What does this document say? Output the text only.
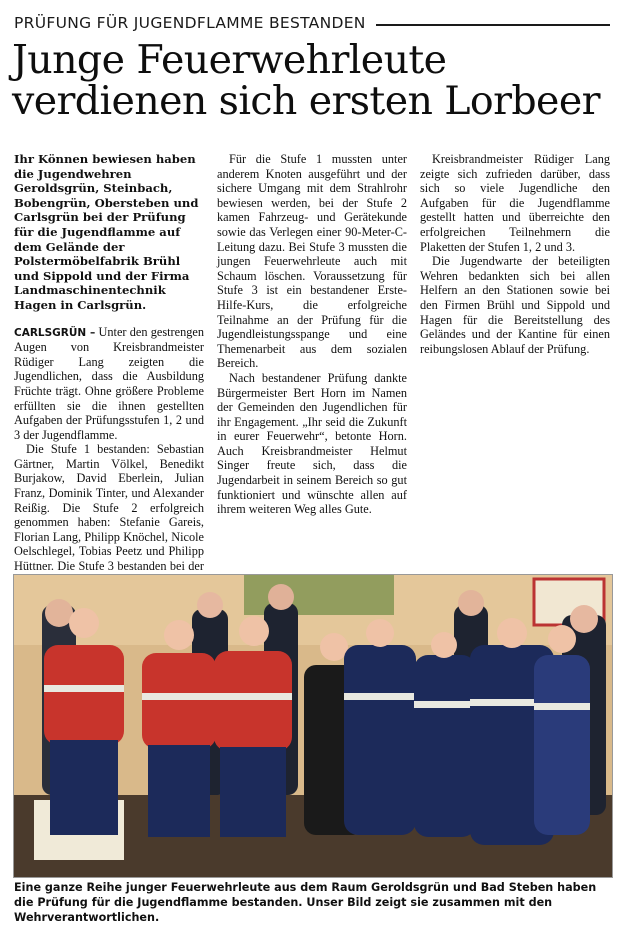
PRÜFUNG FÜR JUGENDFLAMME BESTANDEN
Junge Feuerwehrleute
verdienen sich ersten Lorbeer

Ihr Können bewiesen haben die Jugendwehren Geroldsgrün, Steinbach, Bobengrün, Obersteben und Carlsgrün bei der Prüfung für die Jugendflamme auf dem Gelände der Polstermöbelfabrik Brühl und Sippold und der Firma Landmaschinentechnik Hagen in Carlsgrün.

CARLSGRÜN – Unter den gestrengen Augen von Kreisbrandmeister Rüdiger Lang zeigten die Jugendlichen, dass die Ausbildung Früchte trägt. Ohne größere Probleme erfüllten sie die ihnen gestellten Aufgaben der Prüfungsstufen 1, 2 und 3 der Jugendflamme.

Die Stufe 1 bestanden: Sebastian Gärtner, Martin Völkel, Benedikt Burjakow, David Eberlein, Julian Franz, Dominik Tinter, und Alexander Reißig. Die Stufe 2 erfolgreich genommen haben: Stefanie Gareis, Florian Lang, Philipp Knöchel, Nicole Oelschlegel, Tobias Peetz und Philipp Hüttner. Die Stufe 3 bestanden bei der

Für die Stufe 1 mussten unter anderem Knoten ausgeführt und der sichere Umgang mit dem Strahlrohr bewiesen werden, bei der Stufe 2 kamen Fahrzeug- und Gerätekunde sowie das Verlegen einer 90-Meter-C-Leitung dazu. Bei Stufe 3 mussten die jungen Feuerwehrleute auch mit Schaum löschen. Voraussetzung für Stufe 3 ist ein bestandener Erste-Hilfe-Kurs, die erfolgreiche Teilnahme an der Prüfung für die Jugendleistungsspange und eine Themenarbeit aus dem sozialen Bereich.

Nach bestandener Prüfung dankte Bürgermeister Bert Horn im Namen der Gemeinden den Jugendlichen für ihr Engagement. „Ihr seid die Zukunft in eurer Feuerwehr“, betonte Horn. Auch Kreisbrandmeister Helmut Singer freute sich, dass die Jugendarbeit in seinem Bereich so gut funktioniert und wünschte allen auf ihrem weiteren Weg alles Gute.

Kreisbrandmeister Rüdiger Lang zeigte sich zufrieden darüber, dass sich so viele Jugendliche den Aufgaben für die Jugendflamme gestellt hatten und überreichte den erfolgreichen Teilnehmern die Plaketten der Stufen 1, 2 und 3.

Die Jugendwarte der beteiligten Wehren bedankten sich bei allen Helfern an den Stationen sowie bei den Firmen Brühl und Sippold und Hagen für die Bereitstellung des Geländes und der Kantine für einen reibungslosen Ablauf der Prüfung.

Eine ganze Reihe junger Feuerwehrleute aus dem Raum Geroldsgrün und Bad Steben haben die Prüfung für die Jugendflamme bestanden. Unser Bild zeigt sie zusammen mit den Wehrverantwortlichen.
